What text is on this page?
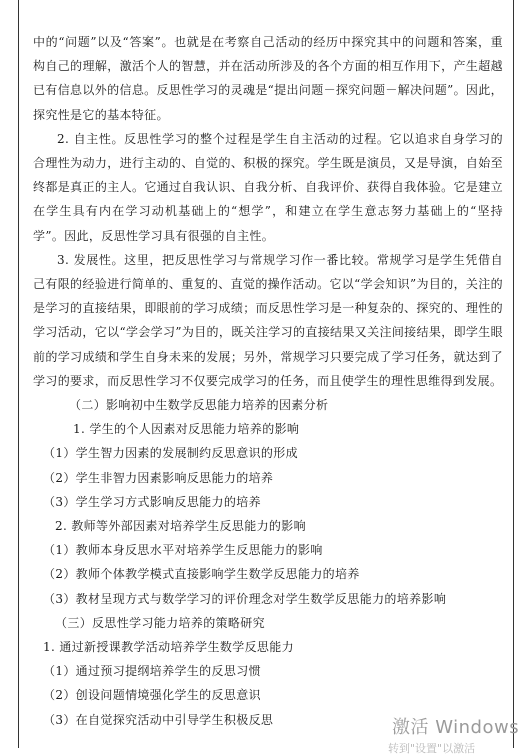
中的“问题”以及“答案”。也就是在考察自己活动的经历中探究其中的问题和答案，重构自己的理解，激活个人的智慧，并在活动所涉及的各个方面的相互作用下，产生超越已有信息以外的信息。反思性学习的灵魂是“提出问题－探究问题－解决问题”。因此，探究性是它的基本特征。

2. 自主性。反思性学习的整个过程是学生自主活动的过程。它以追求自身学习的合理性为动力，进行主动的、自觉的、积极的探究。学生既是演员，又是导演，自始至终都是真正的主人。它通过自我认识、自我分析、自我评价、获得自我体验。它是建立在学生具有内在学习动机基础上的“想学”，和建立在学生意志努力基础上的“坚持学”。因此，反思性学习具有很强的自主性。

3. 发展性。这里，把反思性学习与常规学习作一番比较。常规学习是学生凭借自己有限的经验进行简单的、重复的、直觉的操作活动。它以“学会知识”为目的，关注的是学习的直接结果，即眼前的学习成绩；而反思性学习是一种复杂的、探究的、理性的学习活动，它以“学会学习”为目的，既关注学习的直接结果又关注间接结果，即学生眼前的学习成绩和学生自身未来的发展；另外，常规学习只要完成了学习任务，就达到了学习的要求，而反思性学习不仅要完成学习的任务，而且使学生的理性思维得到发展。

（二）影响初中生数学反思能力培养的因素分析

1. 学生的个人因素对反思能力培养的影响

（1）学生智力因素的发展制约反思意识的形成

（2）学生非智力因素影响反思能力的培养

（3）学生学习方式影响反思能力的培养

2. 教师等外部因素对培养学生反思能力的影响

（1）教师本身反思水平对培养学生反思能力的影响

（2）教师个体教学模式直接影响学生数学反思能力的培养

（3）教材呈现方式与数学学习的评价理念对学生数学反思能力的培养影响

（三）反思性学习能力培养的策略研究

1. 通过新授课教学活动培养学生数学反思能力

（1）通过预习提纲培养学生的反思习惯

（2）创设问题情境强化学生的反思意识

（3）在自觉探究活动中引导学生积极反思	激活 Windows
转到"设置"以激活
